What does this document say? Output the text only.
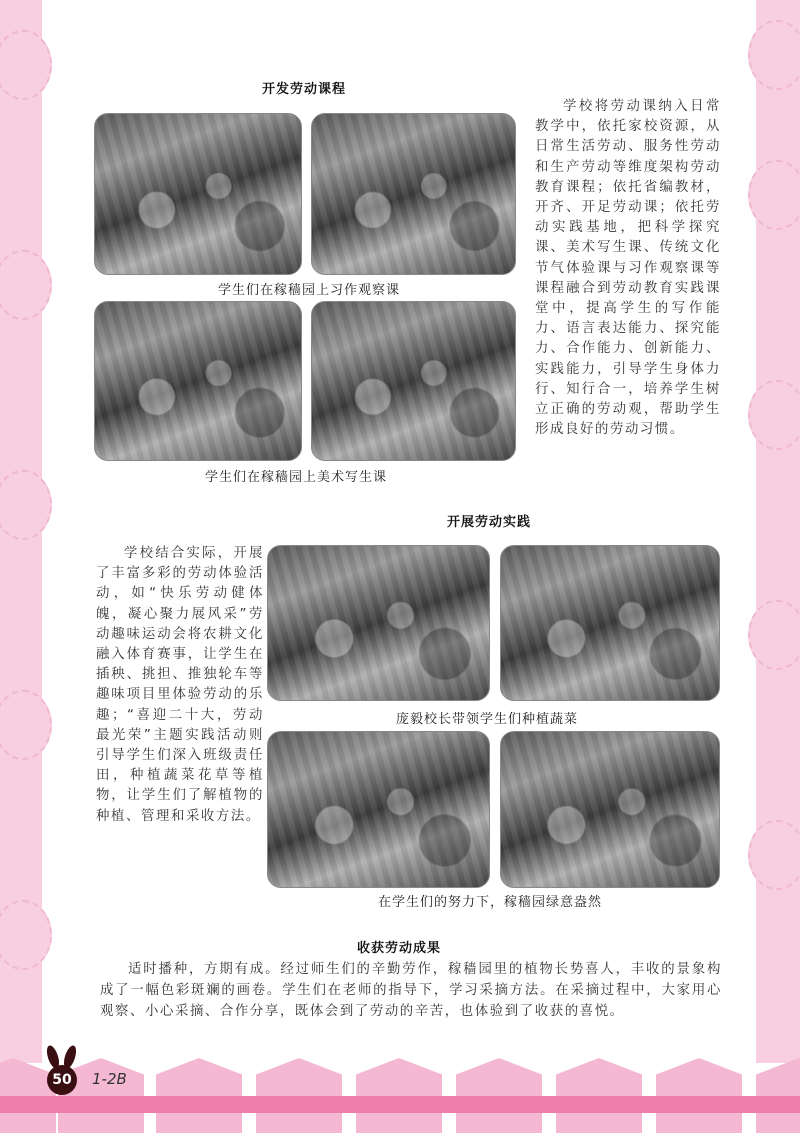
开发劳动课程
学生们在稼穑园上习作观察课
学生们在稼穑园上美术写生课
学校将劳动课纳入日常教学中，依托家校资源，从日常生活劳动、服务性劳动和生产劳动等维度架构劳动教育课程；依托省编教材，开齐、开足劳动课；依托劳动实践基地，把科学探究课、美术写生课、传统文化节气体验课与习作观察课等课程融合到劳动教育实践课堂中，提高学生的写作能力、语言表达能力、探究能力、合作能力、创新能力、实践能力，引导学生身体力行、知行合一，培养学生树立正确的劳动观，帮助学生形成良好的劳动习惯。
开展劳动实践
学校结合实际，开展了丰富多彩的劳动体验活动，如“快乐劳动健体魄，凝心聚力展风采”劳动趣味运动会将农耕文化融入体育赛事，让学生在插秧、挑担、推独轮车等趣味项目里体验劳动的乐趣；“喜迎二十大，劳动最光荣”主题实践活动则引导学生们深入班级责任田，种植蔬菜花草等植物，让学生们了解植物的种植、管理和采收方法。
庞毅校长带领学生们种植蔬菜
在学生们的努力下，稼穑园绿意盎然
收获劳动成果
适时播种，方期有成。经过师生们的辛勤劳作，稼穑园里的植物长势喜人，丰收的景象构成了一幅色彩斑斓的画卷。学生们在老师的指导下，学习采摘方法。在采摘过程中，大家用心观察、小心采摘、合作分享，既体会到了劳动的辛苦，也体验到了收获的喜悦。
50	1-2B
